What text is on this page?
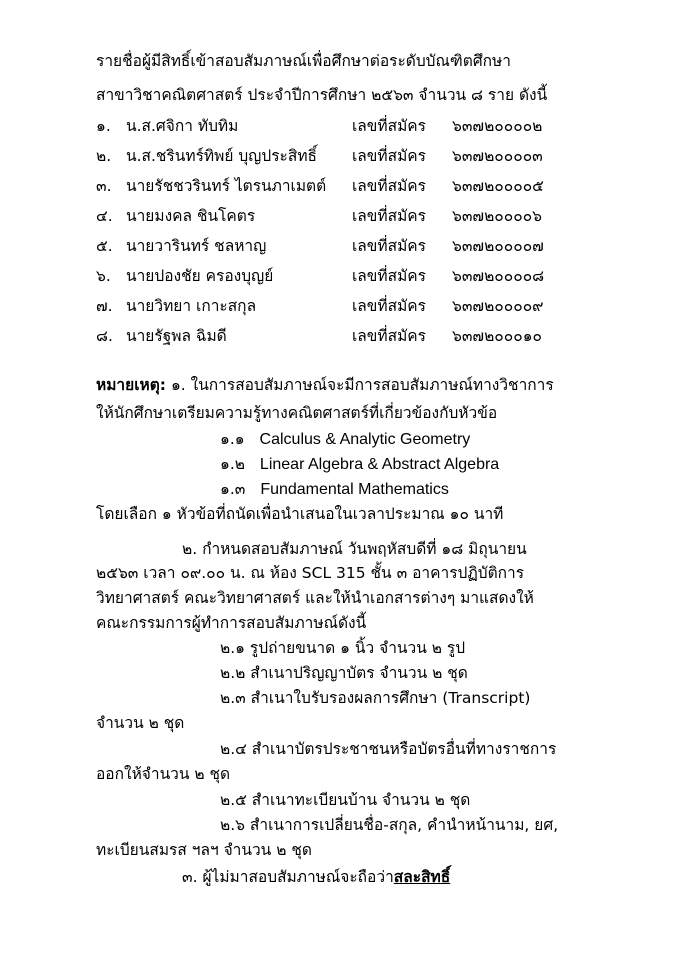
รายชื่อผู้มีสิทธิ์เข้าสอบสัมภาษณ์เพื่อศึกษาต่อระดับบัณฑิตศึกษา
สาขาวิชาคณิตศาสตร์ ประจำปีการศึกษา ๒๕๖๓ จำนวน ๘ ราย ดังนี้
๑. น.ส.ศจิกา ทับทิม	เลขที่สมัคร ๖๓๗๒๐๐๐๐๒
๒. น.ส.ชรินทร์ทิพย์ บุญประสิทธิ์ เลขที่สมัคร ๖๓๗๒๐๐๐๐๓
๓. นายรัชชวรินทร์ ไตรนภาเมตต์ เลขที่สมัคร ๖๓๗๒๐๐๐๐๕
๔. นายมงคล ชินโคตร	เลขที่สมัคร ๖๓๗๒๐๐๐๐๖
๕. นายวารินทร์ ชลหาญ	เลขที่สมัคร ๖๓๗๒๐๐๐๐๗
๖. นายปองชัย ครองบุญย์	เลขที่สมัคร ๖๓๗๒๐๐๐๐๘
๗. นายวิทยา เกาะสกุล	เลขที่สมัคร ๖๓๗๒๐๐๐๐๙
๘. นายรัฐพล ฉิมดี	เลขที่สมัคร ๖๓๗๒๐๐๐๑๐
หมายเหตุ: ๑. ในการสอบสัมภาษณ์จะมีการสอบสัมภาษณ์ทางวิชาการ
ให้นักศึกษาเตรียมความรู้ทางคณิตศาสตร์ที่เกี่ยวข้องกับหัวข้อ
๑.๑ Calculus & Analytic Geometry
๑.๒ Linear Algebra & Abstract Algebra
๑.๓ Fundamental Mathematics
โดยเลือก ๑ หัวข้อที่ถนัดเพื่อนำเสนอในเวลาประมาณ ๑๐ นาที
๒. กำหนดสอบสัมภาษณ์ วันพฤหัสบดีที่ ๑๘ มิถุนายน
๒๕๖๓ เวลา ๐๙.๐๐ น. ณ ห้อง SCL 315 ชั้น ๓ อาคารปฏิบัติการ
วิทยาศาสตร์ คณะวิทยาศาสตร์ และให้นำเอกสารต่างๆ มาแสดงให้
คณะกรรมการผู้ทำการสอบสัมภาษณ์ดังนี้
๒.๑ รูปถ่ายขนาด ๑ นิ้ว จำนวน ๒ รูป
๒.๒ สำเนาปริญญาบัตร จำนวน ๒ ชุด
๒.๓ สำเนาใบรับรองผลการศึกษา (Transcript)
จำนวน ๒ ชุด
๒.๔ สำเนาบัตรประชาชนหรือบัตรอื่นที่ทางราชการ
ออกให้จำนวน ๒ ชุด
๒.๕ สำเนาทะเบียนบ้าน จำนวน ๒ ชุด
๒.๖ สำเนาการเปลี่ยนชื่อ-สกุล, คำนำหน้านาม, ยศ,
ทะเบียนสมรส ฯลฯ จำนวน ๒ ชุด
๓. ผู้ไม่มาสอบสัมภาษณ์จะถือว่าสละสิทธิ์
